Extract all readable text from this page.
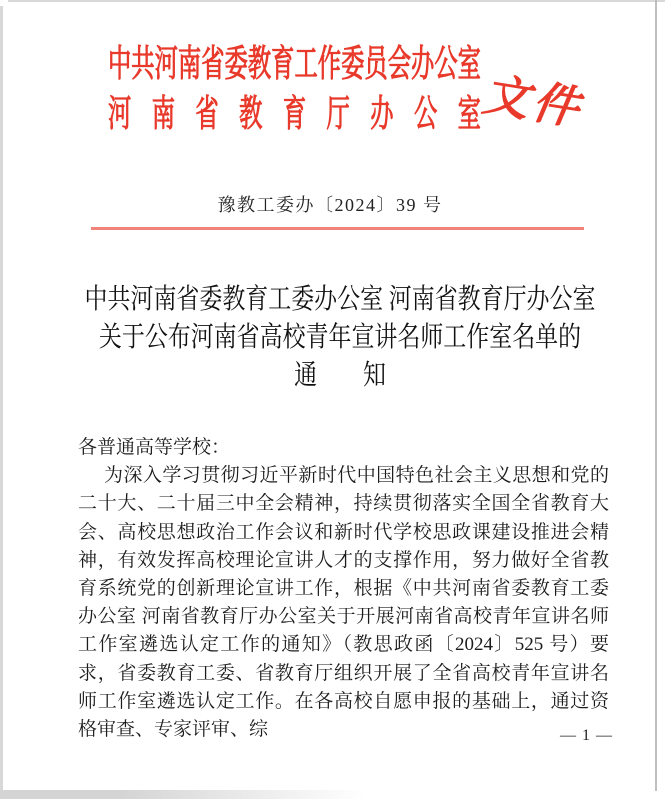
中 共 河 南 省 委 教 育 工 作 委 员 会 办 公 室
河 南 省 教 育 厅 办 公 室
文件
豫教工委办〔2024〕39 号
中共河南省委教育工委办公室 河南省教育厅办公室
关于公布河南省高校青年宣讲名师工作室名单的
通　　知
各普通高等学校：

为深入学习贯彻习近平新时代中国特色社会主义思想和党的二十大、二十届三中全会精神，持续贯彻落实全国全省教育大会、高校思想政治工作会议和新时代学校思政课建设推进会精神，有效发挥高校理论宣讲人才的支撑作用，努力做好全省教育系统党的创新理论宣讲工作，根据《中共河南省委教育工委办公室 河南省教育厅办公室关于开展河南省高校青年宣讲名师工作室遴选认定工作的通知》（教思政函〔2024〕525 号）要求，省委教育工委、省教育厅组织开展了全省高校青年宣讲名师工作室遴选认定工作。在各高校自愿申报的基础上，通过资格审查、专家评审、综	— 1 —
